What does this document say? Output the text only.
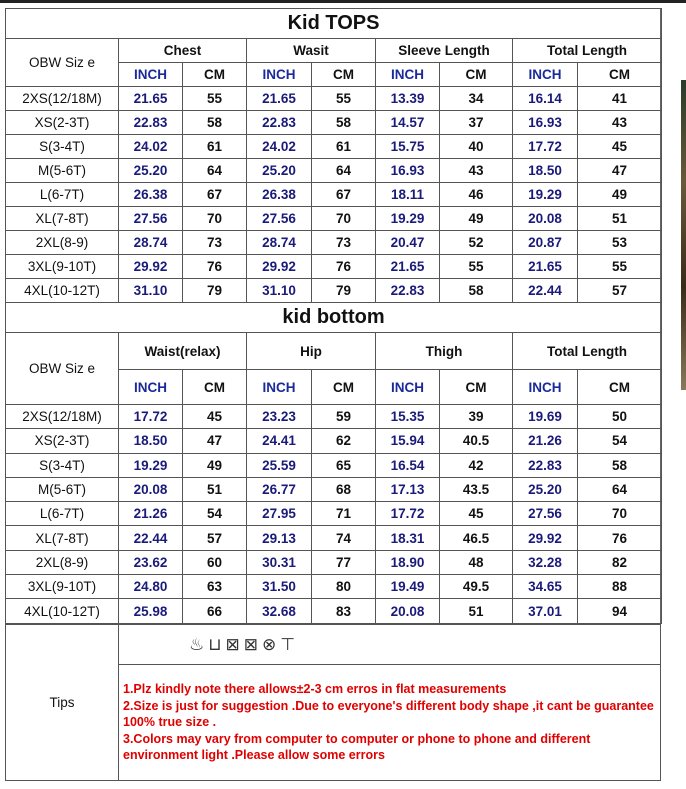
Kid TOPS								
OBW Siz e	Chest		Wasit		Sleeve Length		Total Length	
	INCH	CM	INCH	CM	INCH	CM	INCH	CM
2XS(12/18M)	21.65	55	21.65	55	13.39	34	16.14	41
XS(2-3T)	22.83	58	22.83	58	14.57	37	16.93	43
S(3-4T)	24.02	61	24.02	61	15.75	40	17.72	45
M(5-6T)	25.20	64	25.20	64	16.93	43	18.50	47
L(6-7T)	26.38	67	26.38	67	18.11	46	19.29	49
XL(7-8T)	27.56	70	27.56	70	19.29	49	20.08	51
2XL(8-9)	28.74	73	28.74	73	20.47	52	20.87	53
3XL(9-10T)	29.92	76	29.92	76	21.65	55	21.65	55
4XL(10-12T)	31.10	79	31.10	79	22.83	58	22.44	57
kid bottom								
OBW Siz e	Waist(relax)		Hip		Thigh		Total Length	
	INCH	CM	INCH	CM	INCH	CM	INCH	CM
2XS(12/18M)	17.72	45	23.23	59	15.35	39	19.69	50
XS(2-3T)	18.50	47	24.41	62	15.94	40.5	21.26	54
S(3-4T)	19.29	49	25.59	65	16.54	42	22.83	58
M(5-6T)	20.08	51	26.77	68	17.13	43.5	25.20	64
L(6-7T)	21.26	54	27.95	71	17.72	45	27.56	70
XL(7-8T)	22.44	57	29.13	74	18.31	46.5	29.92	76
2XL(8-9)	23.62	60	30.31	77	18.90	48	32.28	82
3XL(9-10T)	24.80	63	31.50	80	19.49	49.5	34.65	88
4XL(10-12T)	25.98	66	32.68	83	20.08	51	37.01	94
Tips	♨⊔⊠⊠⊗⊤

1.Plz kindly note there allows±2-3 cm erros in flat measurements
2.Size is just for suggestion .Due to everyone's different body shape ,it cant be guarantee 100% true size .
3.Colors may vary from computer to computer or phone to phone and different environment light .Please allow some errors
